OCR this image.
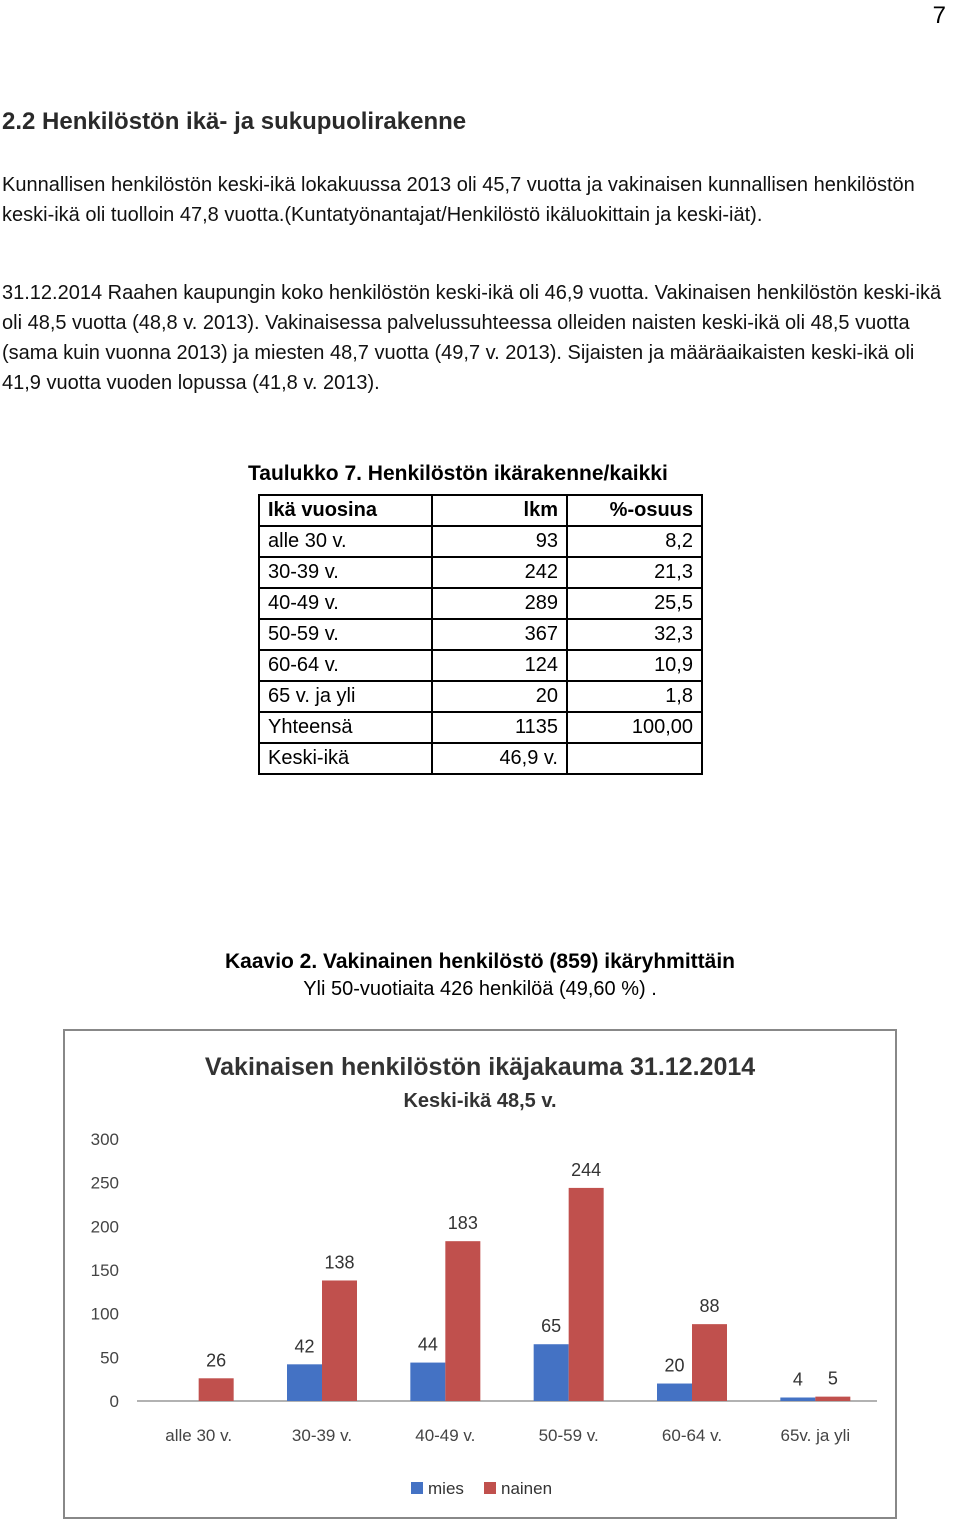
7
2.2 Henkilöstön ikä- ja sukupuolirakenne

Kunnallisen henkilöstön keski-ikä lokakuussa 2013 oli 45,7 vuotta ja vakinaisen kunnallisen henkilöstön keski-ikä oli tuolloin 47,8 vuotta.(Kuntatyönantajat/Henkilöstö ikäluokittain ja keski-iät).

31.12.2014 Raahen kaupungin koko henkilöstön keski-ikä oli 46,9 vuotta. Vakinaisen henkilöstön keski-ikä oli 48,5 vuotta (48,8 v. 2013). Vakinaisessa palvelussuhteessa olleiden naisten keski-ikä oli 48,5 vuotta (sama kuin vuonna 2013) ja miesten 48,7 vuotta (49,7 v. 2013). Sijaisten ja määräaikaisten keski-ikä oli 41,9 vuotta vuoden lopussa (41,8 v. 2013).

Taulukko 7. Henkilöstön ikärakenne/kaikki
Ikä vuosina	lkm	%-osuus
alle 30 v.	93	8,2
30-39 v.	242	21,3
40-49 v.	289	25,5
50-59 v.	367	32,3
60-64 v.	124	10,9
65 v. ja yli	20	1,8
Yhteensä	1135	100,00
Keski-ikä	46,9 v.	
Kaavio 2. Vakinainen henkilöstö (859) ikäryhmittäin
Yli 50-vuotiaita 426 henkilöä (49,60 %) .
Vakinaisen henkilöstön ikäjakauma 31.12.2014
Keski-ikä 48,5 v.
0
50
100
150
200
250
300
alle 30 v.	30-39 v.	40-49 v.	50-59 v.	60-64 v.	65v. ja yli
26
42
138
44
183
65
244
20
88
4 5
mies nainen
